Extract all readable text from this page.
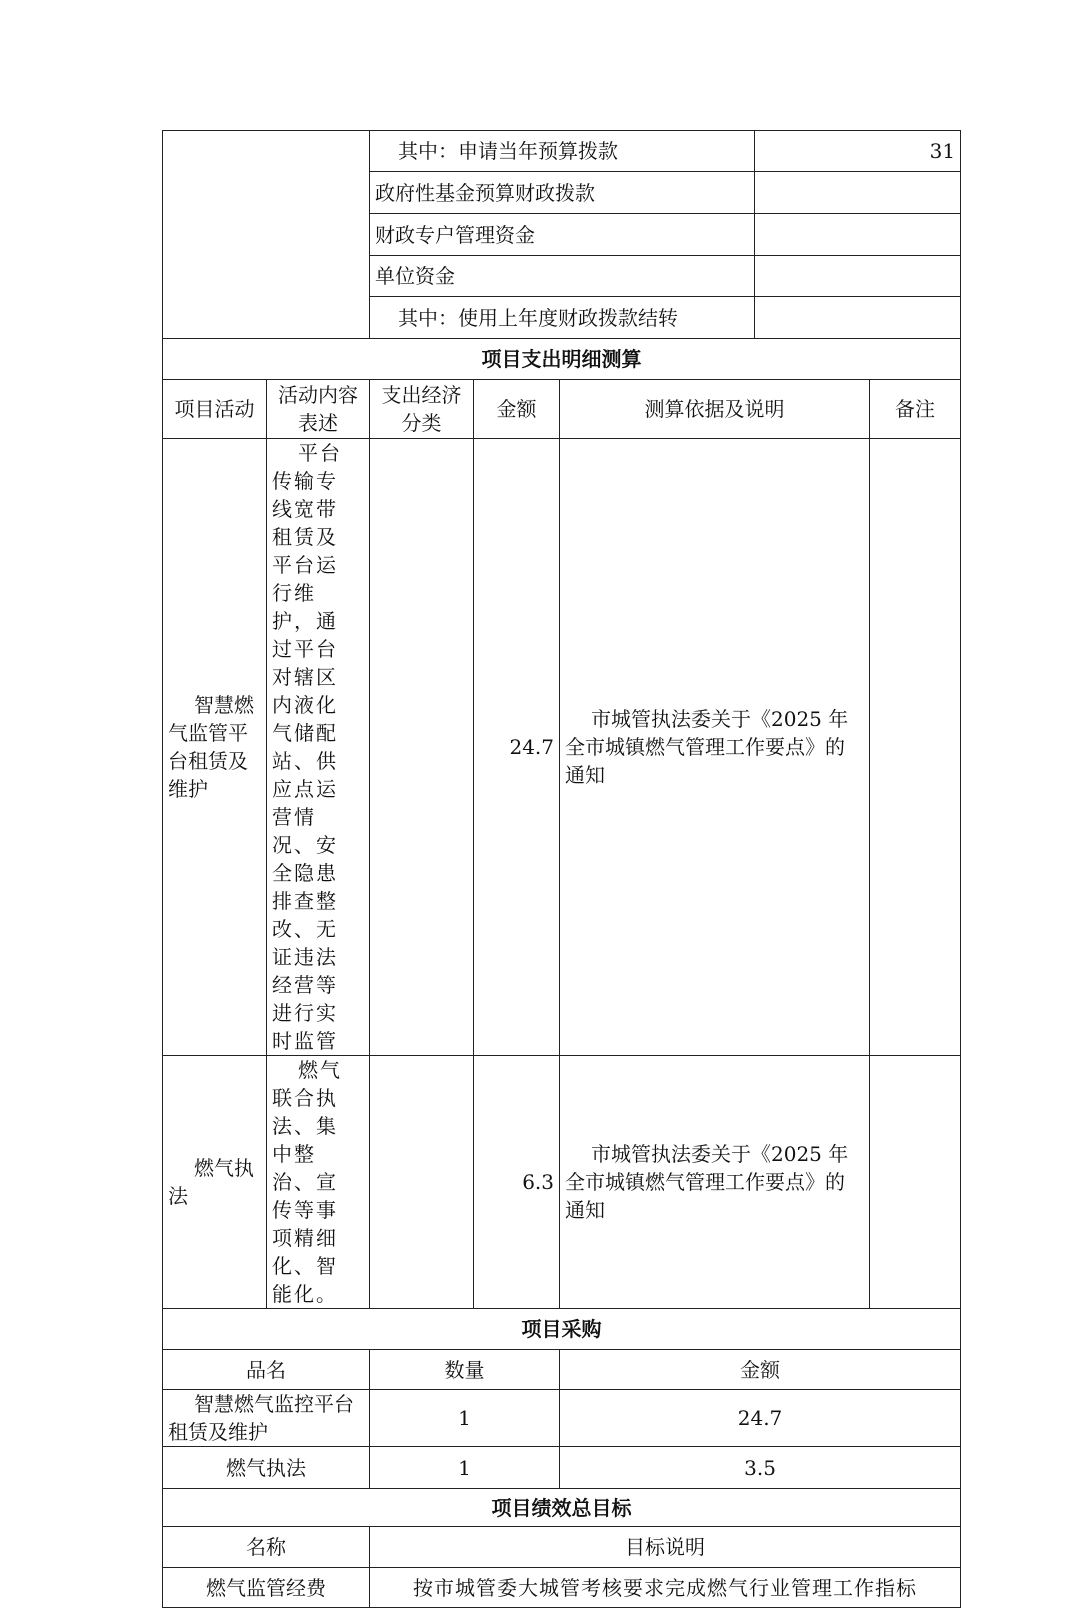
		其中：申请当年预算拨款			31	
		政府性基金预算财政拨款				
		财政专户管理资金				
		单位资金				
		其中：使用上年度财政拨款结转				
项目支出明细测算						
项目活动	活动内容表述	支出经济分类	金额	测算依据及说明		备注
智慧燃气监管平台租赁及维护	平台传输专线宽带租赁及平台运行维护，通过平台对辖区内液化气储配站、供应点运营情况、安全隐患排查整改、无证违法经营等进行实时监管		24.7	市城管执法委关于《2025 年全市城镇燃气管理工作要点》的通知		
燃气执法	燃气联合执法、集中整治、宣传等事项精细化、智能化。		6.3	市城管执法委关于《2025 年全市城镇燃气管理工作要点》的通知		
项目采购						
品名		数量		金额		
智慧燃气监控平台租赁及维护		1		24.7		
燃气执法		1		3.5		
项目绩效总目标						
名称		目标说明				
燃气监管经费		按市城管委大城管考核要求完成燃气行业管理工作指标				
